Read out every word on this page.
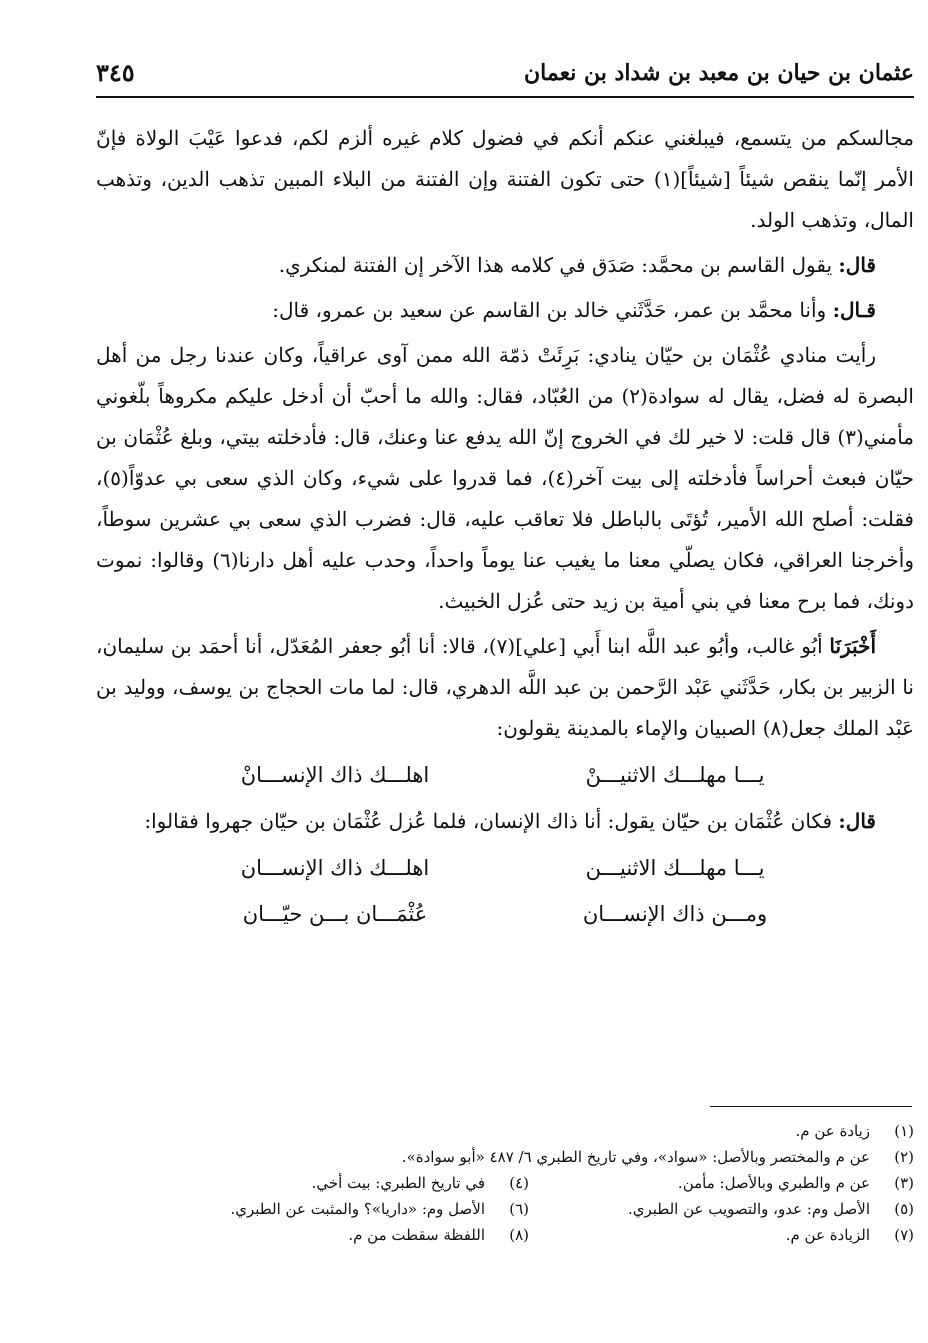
عثمان بن حيان بن معبد بن شداد بن نعمان
٣٤٥

مجالسكم من يتسمع، فيبلغني عنكم أنكم في فضول كلام غيره ألزم لكم، فدعوا عَيْبَ الولاة فإنّ الأمر إنّما ينقص شيئاً [شيئاً](١) حتى تكون الفتنة وإن الفتنة من البلاء المبين تذهب الدين، وتذهب المال، وتذهب الولد.

قال: يقول القاسم بن محمَّد: صَدَق في كلامه هذا الآخر إن الفتنة لمنكري.

قـال: وأنا محمَّد بن عمر، حَدَّثَني خالد بن القاسم عن سعيد بن عمرو، قال:

رأيت منادي عُثْمَان بن حيّان ينادي: بَرِئَتْ ذمّة الله ممن آوى عراقياً، وكان عندنا رجل من أهل البصرة له فضل، يقال له سوادة(٢) من العُبّاد، فقال: والله ما أحبّ أن أدخل عليكم مكروهاً بلّغوني مأمني(٣) قال قلت: لا خير لك في الخروج إنّ الله يدفع عنا وعنك، قال: فأدخلته بيتي، وبلغ عُثْمَان بن حيّان فبعث أحراساً فأدخلته إلى بيت آخر(٤)، فما قدروا على شيء، وكان الذي سعى بي عدوّاً(٥)، فقلت: أصلح الله الأمير، تُؤتَى بالباطل فلا تعاقب عليه، قال: فضرب الذي سعى بي عشرين سوطاً، وأخرجنا العراقي، فكان يصلّي معنا ما يغيب عنا يوماً واحداً، وحدب عليه أهل دارنا(٦) وقالوا: نموت دونك، فما برح معنا في بني أمية بن زيد حتى عُزل الخبيث.

أَخْبَرَنَا أبُو غالب، وأبُو عبد اللَّه ابنا أَبي [علي](٧)، قالا: أنا أبُو جعفر المُعَدّل، أنا أحمَد بن سليمان، نا الزبير بن بكار، حَدَّثَني عَبْد الرَّحمن بن عبد اللَّه الدهري، قال: لما مات الحجاج بن يوسف، ووليد بن عَبْد الملك جعل(٨) الصبيان والإماء بالمدينة يقولون:

يـــا مهلـــك الاثنيـــنْ
اهلـــك ذاك الإنســـانْ

قال: فكان عُثْمَان بن حيّان يقول: أنا ذاك الإنسان، فلما عُزل عُثْمَان بن حيّان جهروا فقالوا:

يـــا مهلـــك الاثنيـــن
اهلـــك ذاك الإنســـان
ومـــن ذاك الإنســـان
عُثْمَـــان بـــن حيّـــان
(١)
زيادة عن م.
(٢)
عن م والمختصر وبالأصل: «سواد»، وفي تاريخ الطبري ٦/ ٤٨٧ «أبو سوادة».
(٣)
عن م والطبري وبالأصل: مأمن.
(٤)
في تاريخ الطبري: بيت أخي.
(٥)
الأصل وم: عدو، والتصويب عن الطبري.
(٦)
الأصل وم: «داريا»؟ والمثبت عن الطبري.
(٧)
الزيادة عن م.
(٨)
اللفظة سقطت من م.
